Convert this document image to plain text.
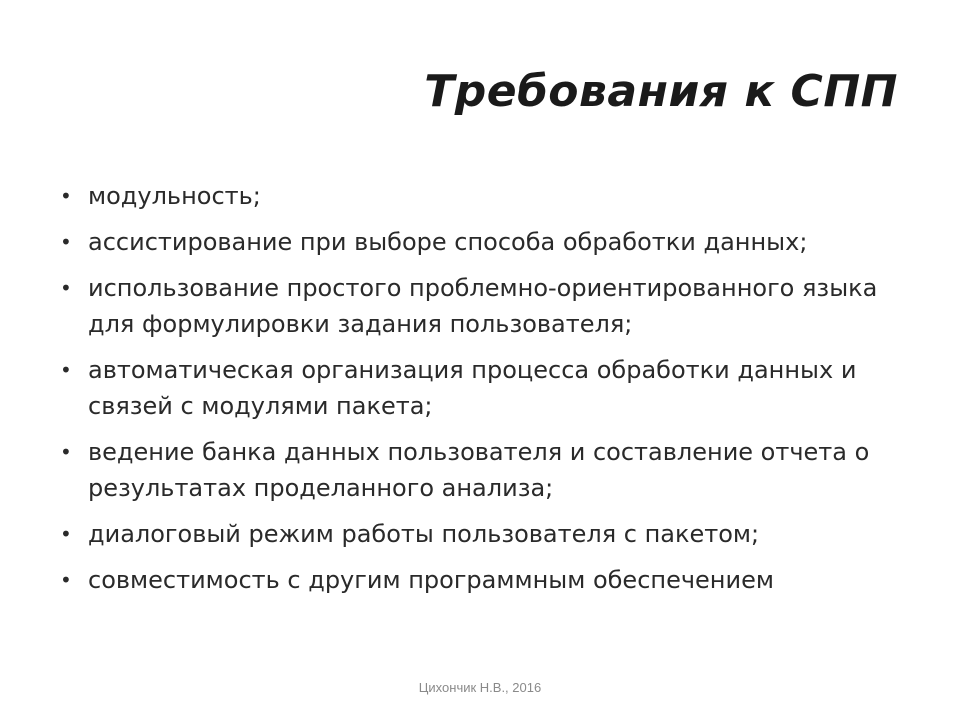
Требования к СПП
• модульность;
• ассистирование при выборе способа обработки данных;
• использование простого проблемно-ориентированного языка для формулировки задания пользователя;
• автоматическая организация процесса обработки данных и связей с модулями пакета;
• ведение банка данных пользователя и составление отчета о результатах проделанного анализа;
• диалоговый режим работы пользователя с пакетом;
• совместимость с другим программным обеспечением
Цихончик Н.В., 2016
